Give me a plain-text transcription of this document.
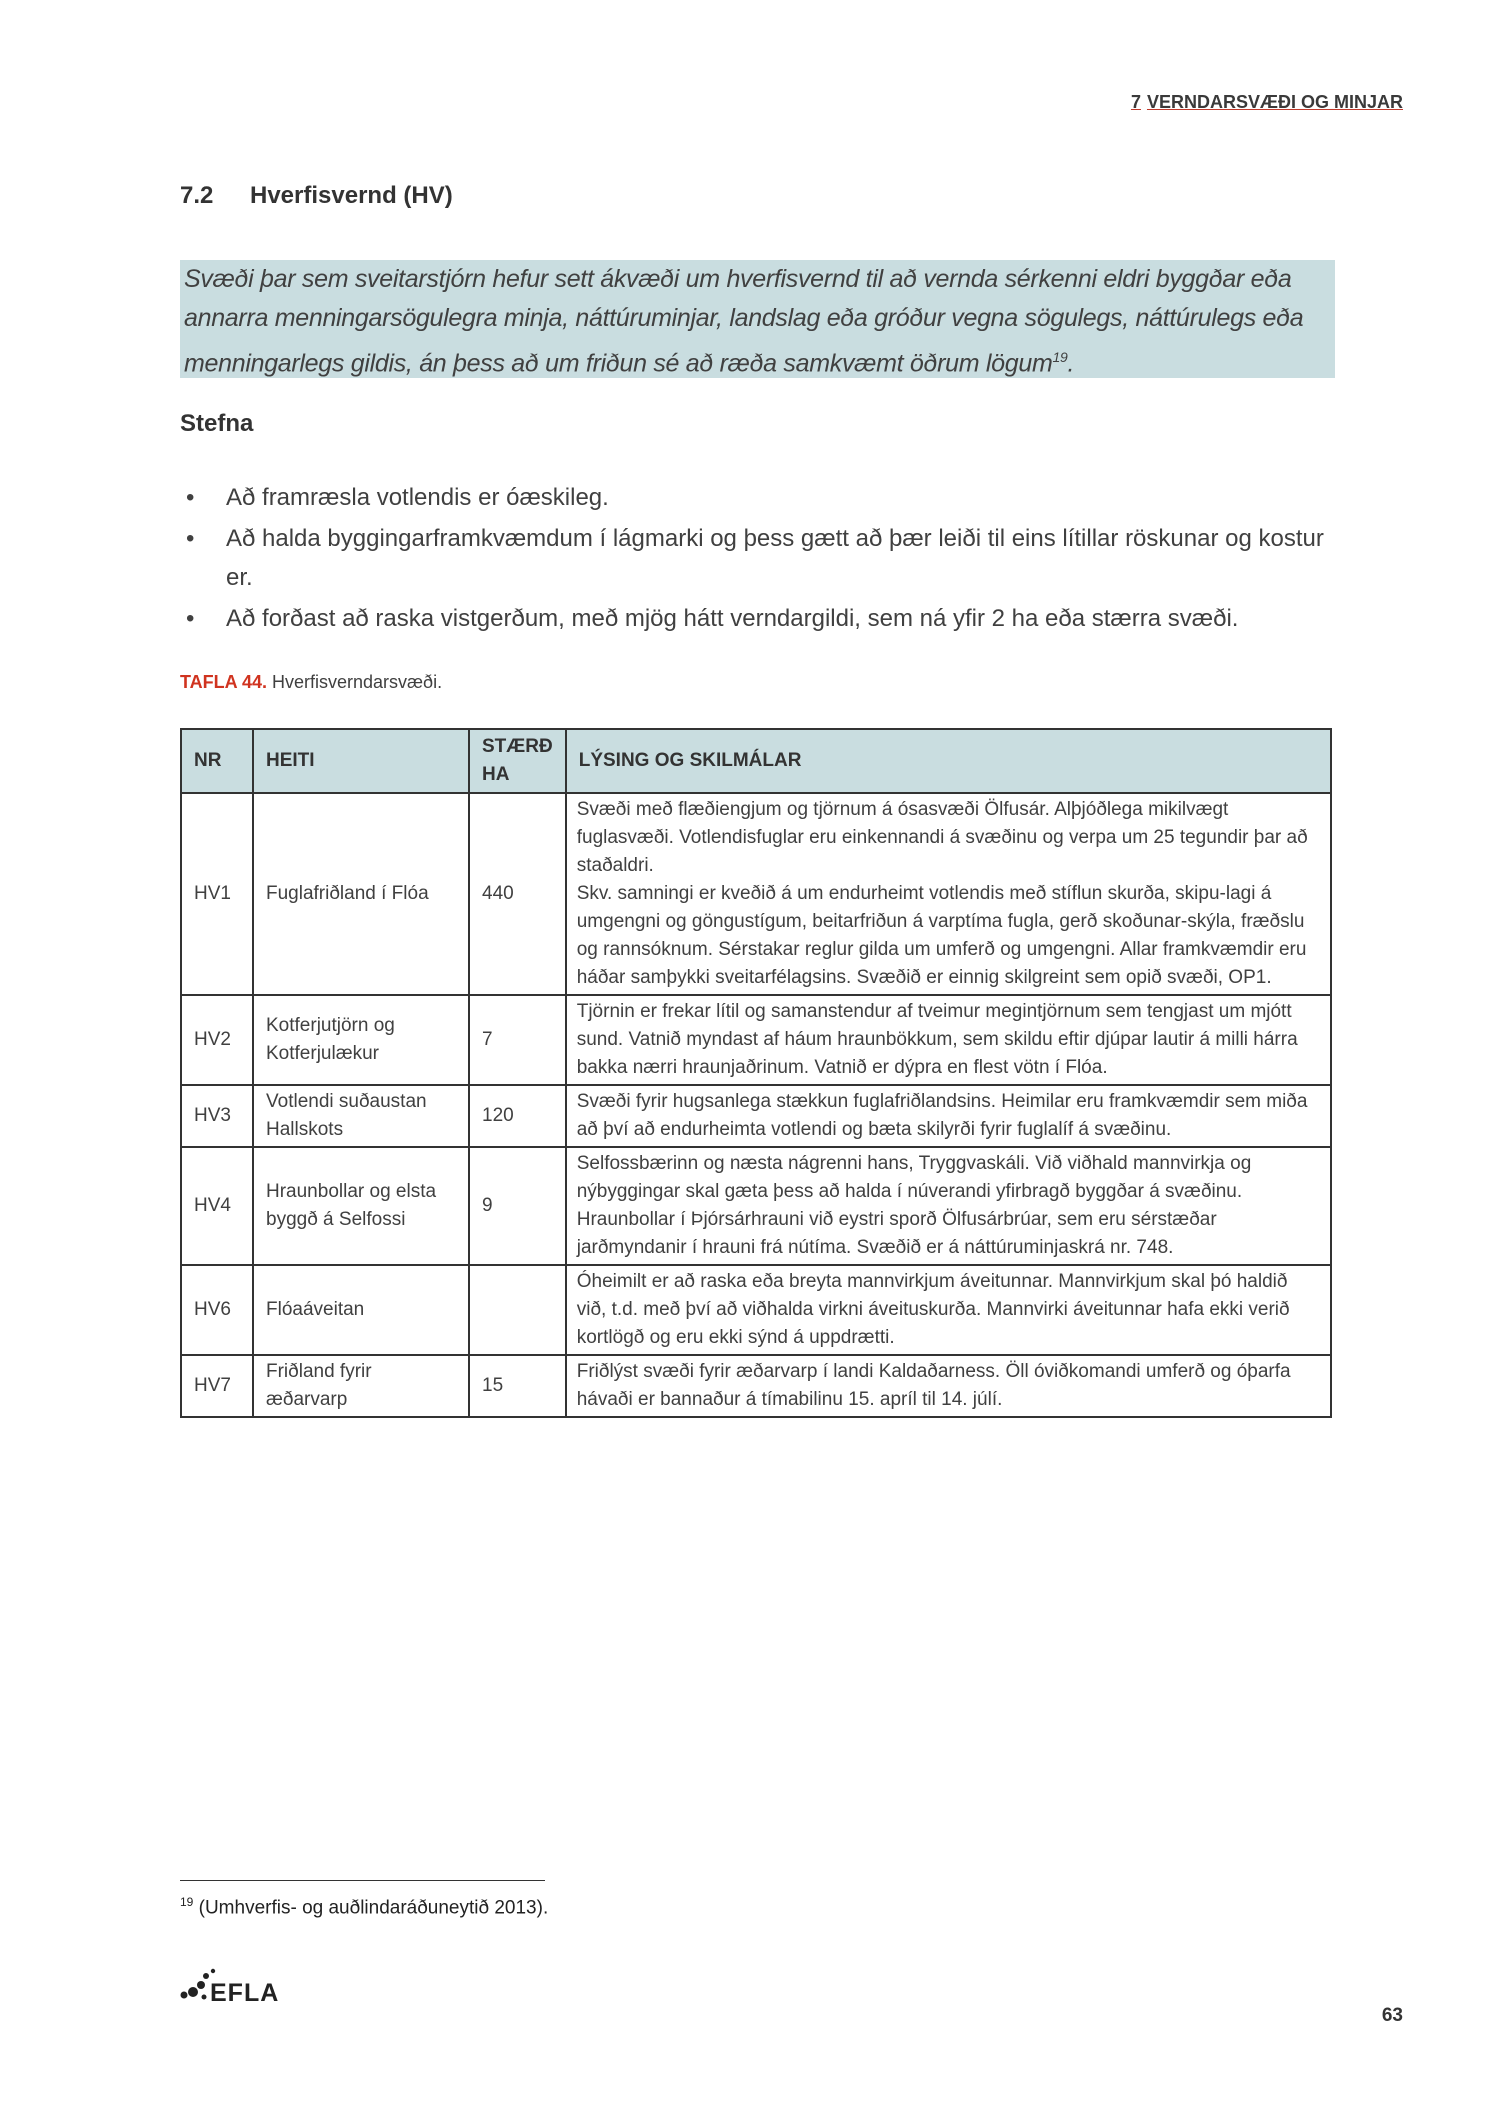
7 VERNDARSVÆÐI OG MINJAR
7.2 Hverfisvernd (HV)
Svæði þar sem sveitarstjórn hefur sett ákvæði um hverfisvernd til að vernda sérkenni eldri byggðar eða annarra menningarsögulegra minja, náttúruminjar, landslag eða gróður vegna sögulegs, náttúrulegs eða menningarlegs gildis, án þess að um friðun sé að ræða samkvæmt öðrum lögum$^{19}$.
Stefna
• Að framræsla votlendis er óæskileg.
• Að halda byggingarframkvæmdum í lágmarki og þess gætt að þær leiði til eins lítillar röskunar og kostur er.
• Að forðast að raska vistgerðum, með mjög hátt verndargildi, sem ná yfir 2 ha eða stærra svæði.
TAFLA 44. Hverfisverndarsvæði.
NR	HEITI	STÆRÐ HA	LÝSING OG SKILMÁLAR
HV1	Fuglafriðland í Flóa	440	Svæði með flæðiengjum og tjörnum á ósasvæði Ölfusár. Alþjóðlega mikilvægt fuglasvæði. Votlendisfuglar eru einkennandi á svæðinu og verpa um 25 tegundir þar að staðaldri.
Skv. samningi er kveðið á um endurheimt votlendis með stíflun skurða, skipu-lagi á umgengni og göngustígum, beitarfriðun á varptíma fugla, gerð skoðunar-skýla, fræðslu og rannsóknum. Sérstakar reglur gilda um umferð og umgengni. Allar framkvæmdir eru háðar samþykki sveitarfélagsins. Svæðið er einnig skilgreint sem opið svæði, OP1.

HV2	Kotferjutjörn og Kotferjulækur	7	Tjörnin er frekar lítil og samanstendur af tveimur megintjörnum sem tengjast um mjótt sund. Vatnið myndast af háum hraunbökkum, sem skildu eftir djúpar lautir á milli hárra bakka nærri hraunjaðrinum. Vatnið er dýpra en flest vötn í Flóa.

HV3	Votlendi suðaustan Hallskots	120	Svæði fyrir hugsanlega stækkun fuglafriðlandsins. Heimilar eru framkvæmdir sem miða að því að endurheimta votlendi og bæta skilyrði fyrir fuglalíf á svæðinu.

HV4	Hraunbollar og elsta byggð á Selfossi	9	Selfossbærinn og næsta nágrenni hans, Tryggvaskáli. Við viðhald mannvirkja og nýbyggingar skal gæta þess að halda í núverandi yfirbragð byggðar á svæðinu. Hraunbollar í Þjórsárhrauni við eystri sporð Ölfusárbrúar, sem eru sérstæðar jarðmyndanir í hrauni frá nútíma. Svæðið er á náttúruminjaskrá nr. 748.

HV6	Flóaáveitan		Óheimilt er að raska eða breyta mannvirkjum áveitunnar. Mannvirkjum skal þó haldið við, t.d. með því að viðhalda virkni áveituskurða. Mannvirki áveitunnar hafa ekki verið kortlögð og eru ekki sýnd á uppdrætti.

HV7	Friðland fyrir æðarvarp	15	Friðlýst svæði fyrir æðarvarp í landi Kaldaðarness. Öll óviðkomandi umferð og óþarfa hávaði er bannaður á tímabilinu 15. apríl til 14. júlí.
$^{19}$ (Umhverfis- og auðlindaráðuneytið 2013).
EFLA
63
